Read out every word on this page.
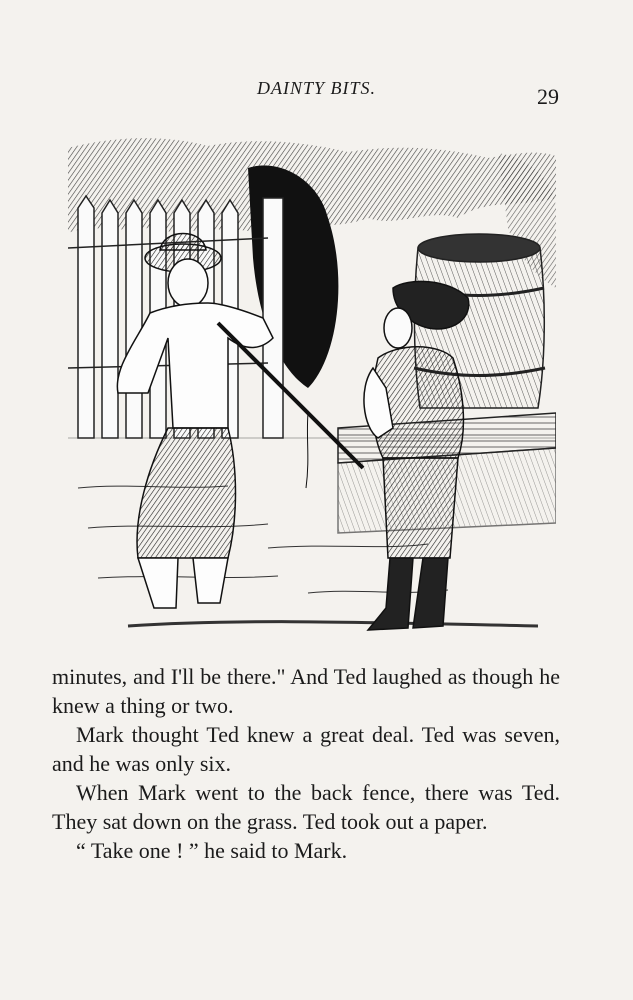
DAINTY BITS.	29

minutes, and I'll be there." And Ted laughed as though he knew a thing or two.

Mark thought Ted knew a great deal. Ted was seven, and he was only six.

When Mark went to the back fence, there was Ted. They sat down on the grass. Ted took out a paper.

“ Take one ! ” he said to Mark.
